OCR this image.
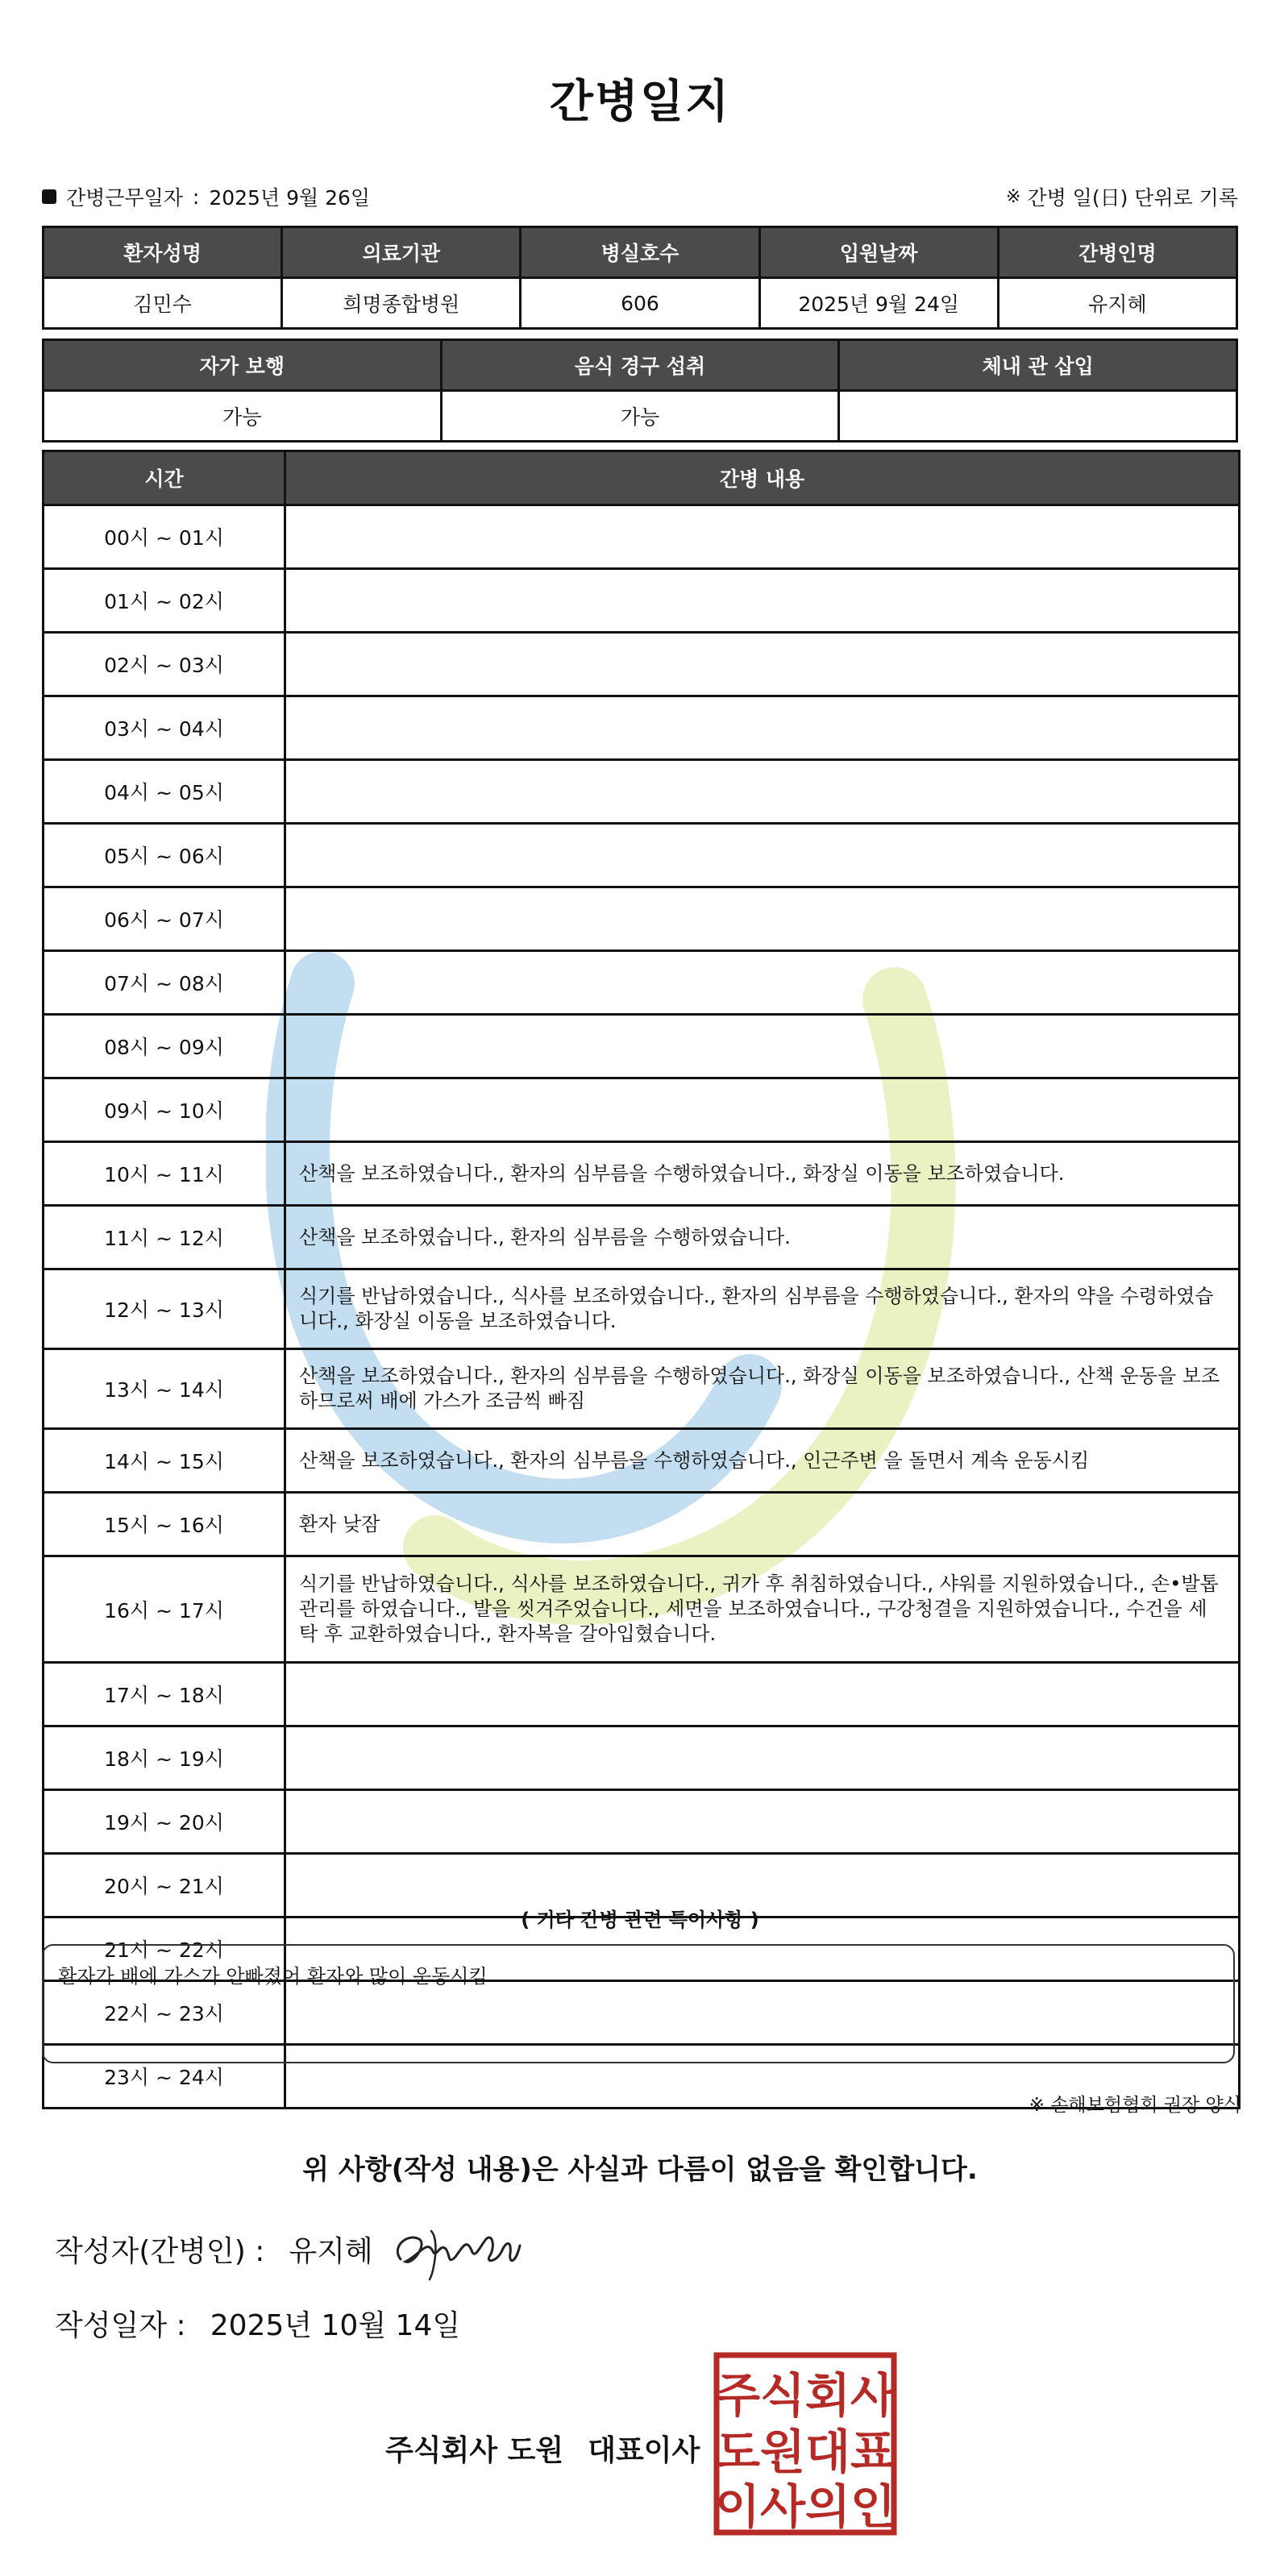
간병일지
간병근무일자 : 2025년 9월 26일	※ 간병 일(日) 단위로 기록
환자성명	의료기관	병실호수	입원날짜	간병인명
김민수	희명종합병원	606	2025년 9월 24일	유지혜
자가 보행	음식 경구 섭취	체내 관 삽입
가능	가능	
시간	간병 내용
00시 ~ 01시	
01시 ~ 02시	
02시 ~ 03시	
03시 ~ 04시	
04시 ~ 05시	
05시 ~ 06시	
06시 ~ 07시	
07시 ~ 08시	
08시 ~ 09시	
09시 ~ 10시	
10시 ~ 11시	산책을 보조하였습니다., 환자의 심부름을 수행하였습니다., 화장실 이동을 보조하였습니다.
11시 ~ 12시	산책을 보조하였습니다., 환자의 심부름을 수행하였습니다.
12시 ~ 13시	식기를 반납하였습니다., 식사를 보조하였습니다., 환자의 심부름을 수행하였습니다., 환자의 약을 수령하였습니다., 화장실 이동을 보조하였습니다.
13시 ~ 14시	산책을 보조하였습니다., 환자의 심부름을 수행하였습니다., 화장실 이동을 보조하였습니다., 산책 운동을 보조하므로써 배에 가스가 조금씩 빠짐
14시 ~ 15시	산책을 보조하였습니다., 환자의 심부름을 수행하였습니다., 인근주변 을 돌면서 계속 운동시킴
15시 ~ 16시	환자 낮잠
16시 ~ 17시	식기를 반납하였습니다., 식사를 보조하였습니다., 귀가 후 취침하였습니다., 샤워를 지원하였습니다., 손•발톱관리를 하였습니다., 발을 씻겨주었습니다., 세면을 보조하였습니다., 구강청결을 지원하였습니다., 수건을 세탁 후 교환하였습니다., 환자복을 갈아입혔습니다.
17시 ~ 18시	
18시 ~ 19시	
19시 ~ 20시	
20시 ~ 21시	
21시 ~ 22시	
22시 ~ 23시	
23시 ~ 24시	
( 기타 간병 관련 특이사항 )
환자가 배에 가스가 안빠졌어 환자와 많이 운동시킴
※ 손해보험협회 권장 양식
위 사항(작성 내용)은 사실과 다름이 없음을 확인합니다.
작성자(간병인) : 유지혜
작성일자 : 2025년 10월 14일
주식회사 도원 대표이사
주식회사
도원대표
이사의인
